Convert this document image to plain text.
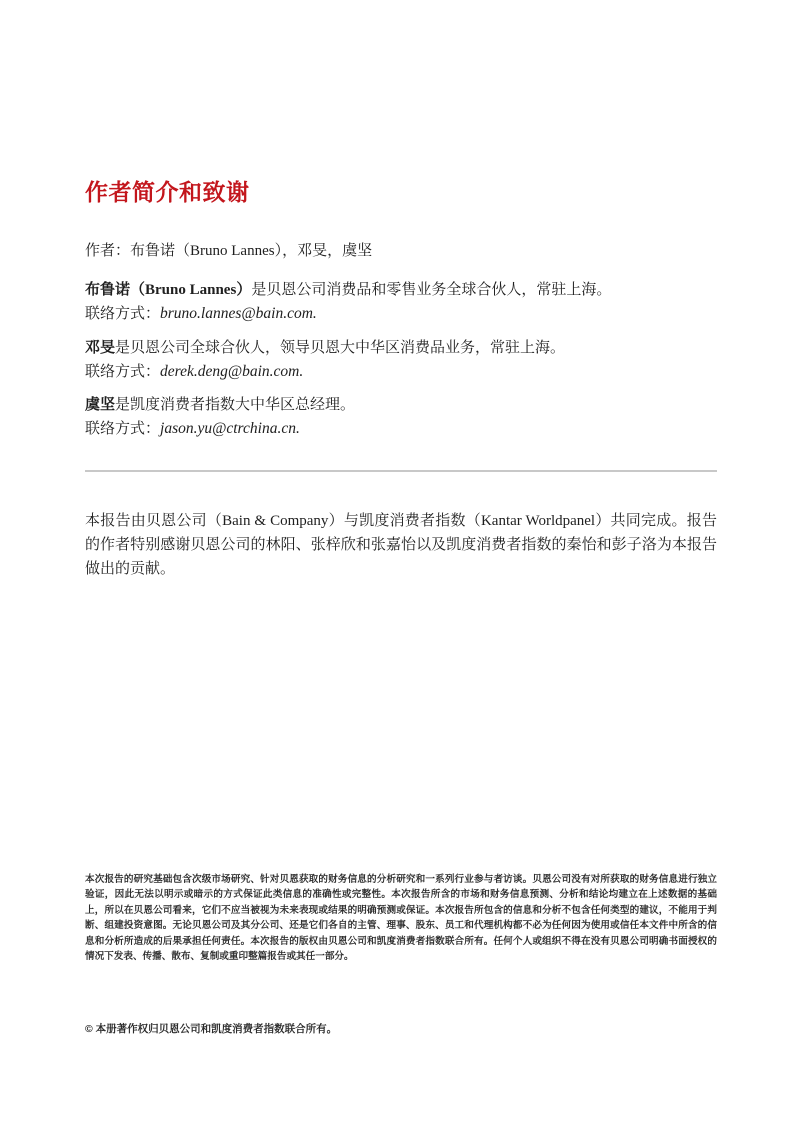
作者简介和致谢

作者：布鲁诺（Bruno Lannes），邓旻，虞坚

布鲁诺（Bruno Lannes）是贝恩公司消费品和零售业务全球合伙人，常驻上海。

联络方式：bruno.lannes@bain.com.

邓旻是贝恩公司全球合伙人，领导贝恩大中华区消费品业务，常驻上海。

联络方式：derek.deng@bain.com.

虞坚是凯度消费者指数大中华区总经理。

联络方式：jason.yu@ctrchina.cn.

本报告由贝恩公司（Bain & Company）与凯度消费者指数（Kantar Worldpanel）共同完成。报告的作者特别感谢贝恩公司的林阳、张梓欣和张嘉怡以及凯度消费者指数的秦怡和彭子洛为本报告做出的贡献。

本次报告的研究基础包含次级市场研究、针对贝恩获取的财务信息的分析研究和一系列行业参与者访谈。贝恩公司没有对所获取的财务信息进行独立验证，因此无法以明示或暗示的方式保证此类信息的准确性或完整性。本次报告所含的市场和财务信息预测、分析和结论均建立在上述数据的基础上，所以在贝恩公司看来，它们不应当被视为未来表现或结果的明确预测或保证。本次报告所包含的信息和分析不包含任何类型的建议，不能用于判断、组建投资意图。无论贝恩公司及其分公司、还是它们各自的主管、理事、股东、员工和代理机构都不必为任何因为使用或信任本文件中所含的信息和分析所造成的后果承担任何责任。本次报告的版权由贝恩公司和凯度消费者指数联合所有。任何个人或组织不得在没有贝恩公司明确书面授权的情况下发表、传播、散布、复制或重印整篇报告或其任一部分。

© 本册著作权归贝恩公司和凯度消费者指数联合所有。
